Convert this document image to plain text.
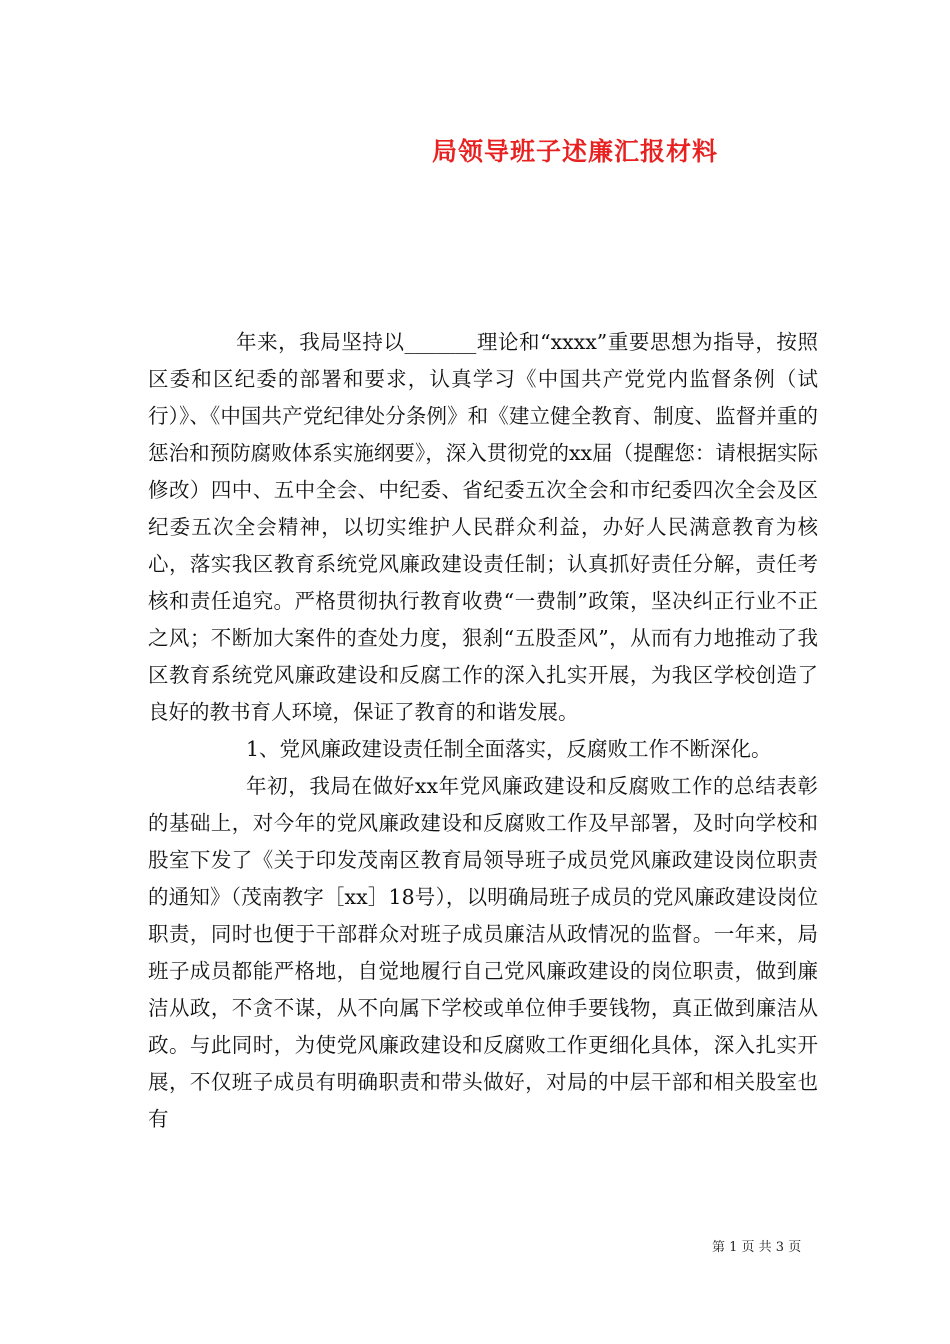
局领导班子述廉汇报材料

年来，我局坚持以_______理论和“xxxx”重要思想为指导，按照区委和区纪委的部署和要求，认真学习《中国共产党党内监督条例（试行）》、《中国共产党纪律处分条例》和《建立健全教育、制度、监督并重的惩治和预防腐败体系实施纲要》，深入贯彻党的xx届（提醒您：请根据实际修改）四中、五中全会、中纪委、省纪委五次全会和市纪委四次全会及区纪委五次全会精神，以切实维护人民群众利益，办好人民满意教育为核心，落实我区教育系统党风廉政建设责任制；认真抓好责任分解，责任考核和责任追究。严格贯彻执行教育收费“一费制”政策，坚决纠正行业不正之风；不断加大案件的查处力度，狠刹“五股歪风”，从而有力地推动了我区教育系统党风廉政建设和反腐工作的深入扎实开展，为我区学校创造了良好的教书育人环境，保证了教育的和谐发展。

1、党风廉政建设责任制全面落实，反腐败工作不断深化。

年初，我局在做好xx年党风廉政建设和反腐败工作的总结表彰的基础上，对今年的党风廉政建设和反腐败工作及早部署，及时向学校和股室下发了《关于印发茂南区教育局领导班子成员党风廉政建设岗位职责的通知》（茂南教字［xx］18号），以明确局班子成员的党风廉政建设岗位职责，同时也便于干部群众对班子成员廉洁从政情况的监督。一年来，局班子成员都能严格地，自觉地履行自己党风廉政建设的岗位职责，做到廉洁从政，不贪不谋，从不向属下学校或单位伸手要钱物，真正做到廉洁从政。与此同时，为使党风廉政建设和反腐败工作更细化具体，深入扎实开展，不仅班子成员有明确职责和带头做好，对局的中层干部和相关股室也有

第 1 页 共 3 页
